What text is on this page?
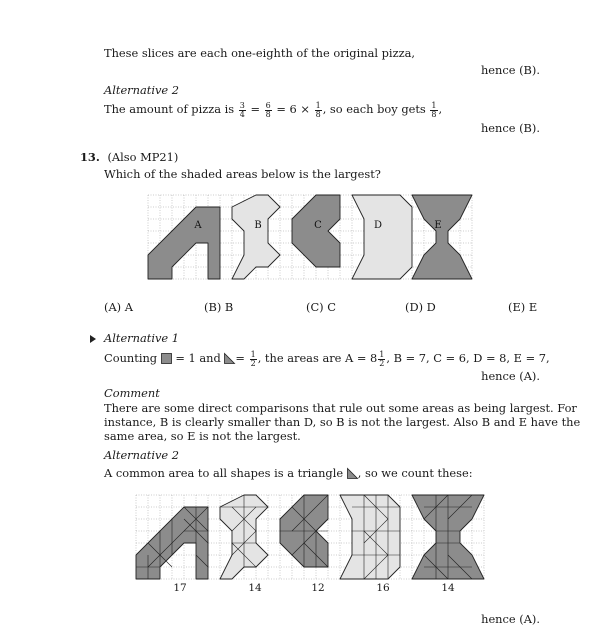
These slices are each one-eighth of the original pizza,
hence (B).
Alternative 2
The amount of pizza is $\frac{3}{4} = \frac{6}{8} = 6 \times \frac{1}{8}$ , so each boy gets $\frac{1}{8}$ ,
hence (B).
13. (Also MP21)
Which of the shaded areas below is the largest?
A	B	C	D	E
(A) A	(B) B	(C) C	(D) D	(E) E
Alternative 1
Counting = 1 and = $\frac{1}{2}$ , the areas are $A = 8 \frac{1}{2}$ , B = 7, C = 6, D = 8, E = 7,
hence (A).
Comment
There are some direct comparisons that rule out some areas as being largest. For
instance, B is clearly smaller than D, so B is not the largest. Also B and E have the
same area, so E is not the largest.
Alternative 2
A common area to all shapes is a triangle , so we count these:
17	14	12	16	14
hence (A).
